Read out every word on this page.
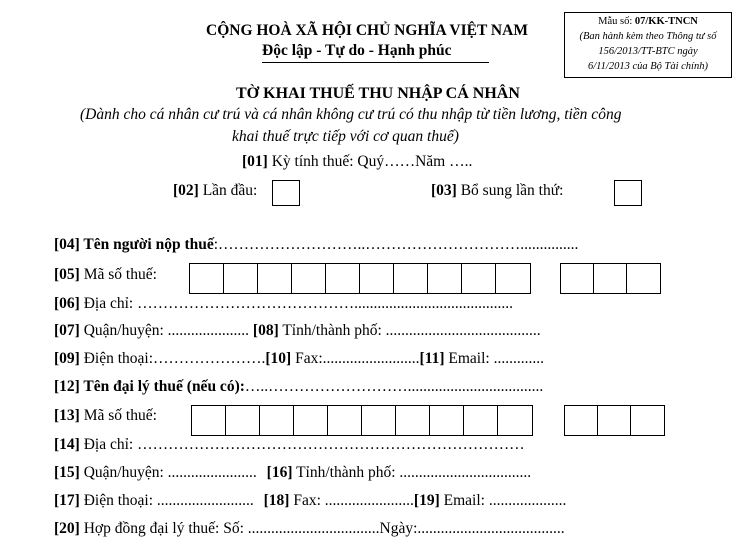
CỘNG HOÀ XÃ HỘI CHỦ NGHĨA VIỆT NAM
Độc lập - Tự do - Hạnh phúc
Mẫu số: 07/KK-TNCN
(Ban hành kèm theo Thông tư số
156/2013/TT-BTC ngày
6/11/2013 của Bộ Tài chính)
TỜ KHAI THUẾ THU NHẬP CÁ NHÂN
(Dành cho cá nhân cư trú và cá nhân không cư trú có thu nhập từ tiền lương, tiền công
khai thuế trực tiếp với cơ quan thuế)
[01] Kỳ tính thuế: Quý……Năm …..
[02] Lần đầu:	[03] Bổ sung lần thứ:
[04] Tên người nộp thuế:………………………..…………………………...............
[05] Mã số thuế:
[06] Địa chỉ: …………………………………….........................................
[07] Quận/huyện: ..................... [08] Tỉnh/thành phố: ........................................
[09] Điện thoại:………………….[10] Fax:.........................[11] Email: .............
[12] Tên đại lý thuế (nếu có):…..………………………...................................
[13] Mã số thuế:
[14] Địa chỉ: …………………………………………………………………
[15] Quận/huyện: ....................... [16] Tỉnh/thành phố: ..................................
[17] Điện thoại: ......................... [18] Fax: .......................[19] Email: ....................
[20] Hợp đồng đại lý thuế: Số: ..................................Ngày:......................................
